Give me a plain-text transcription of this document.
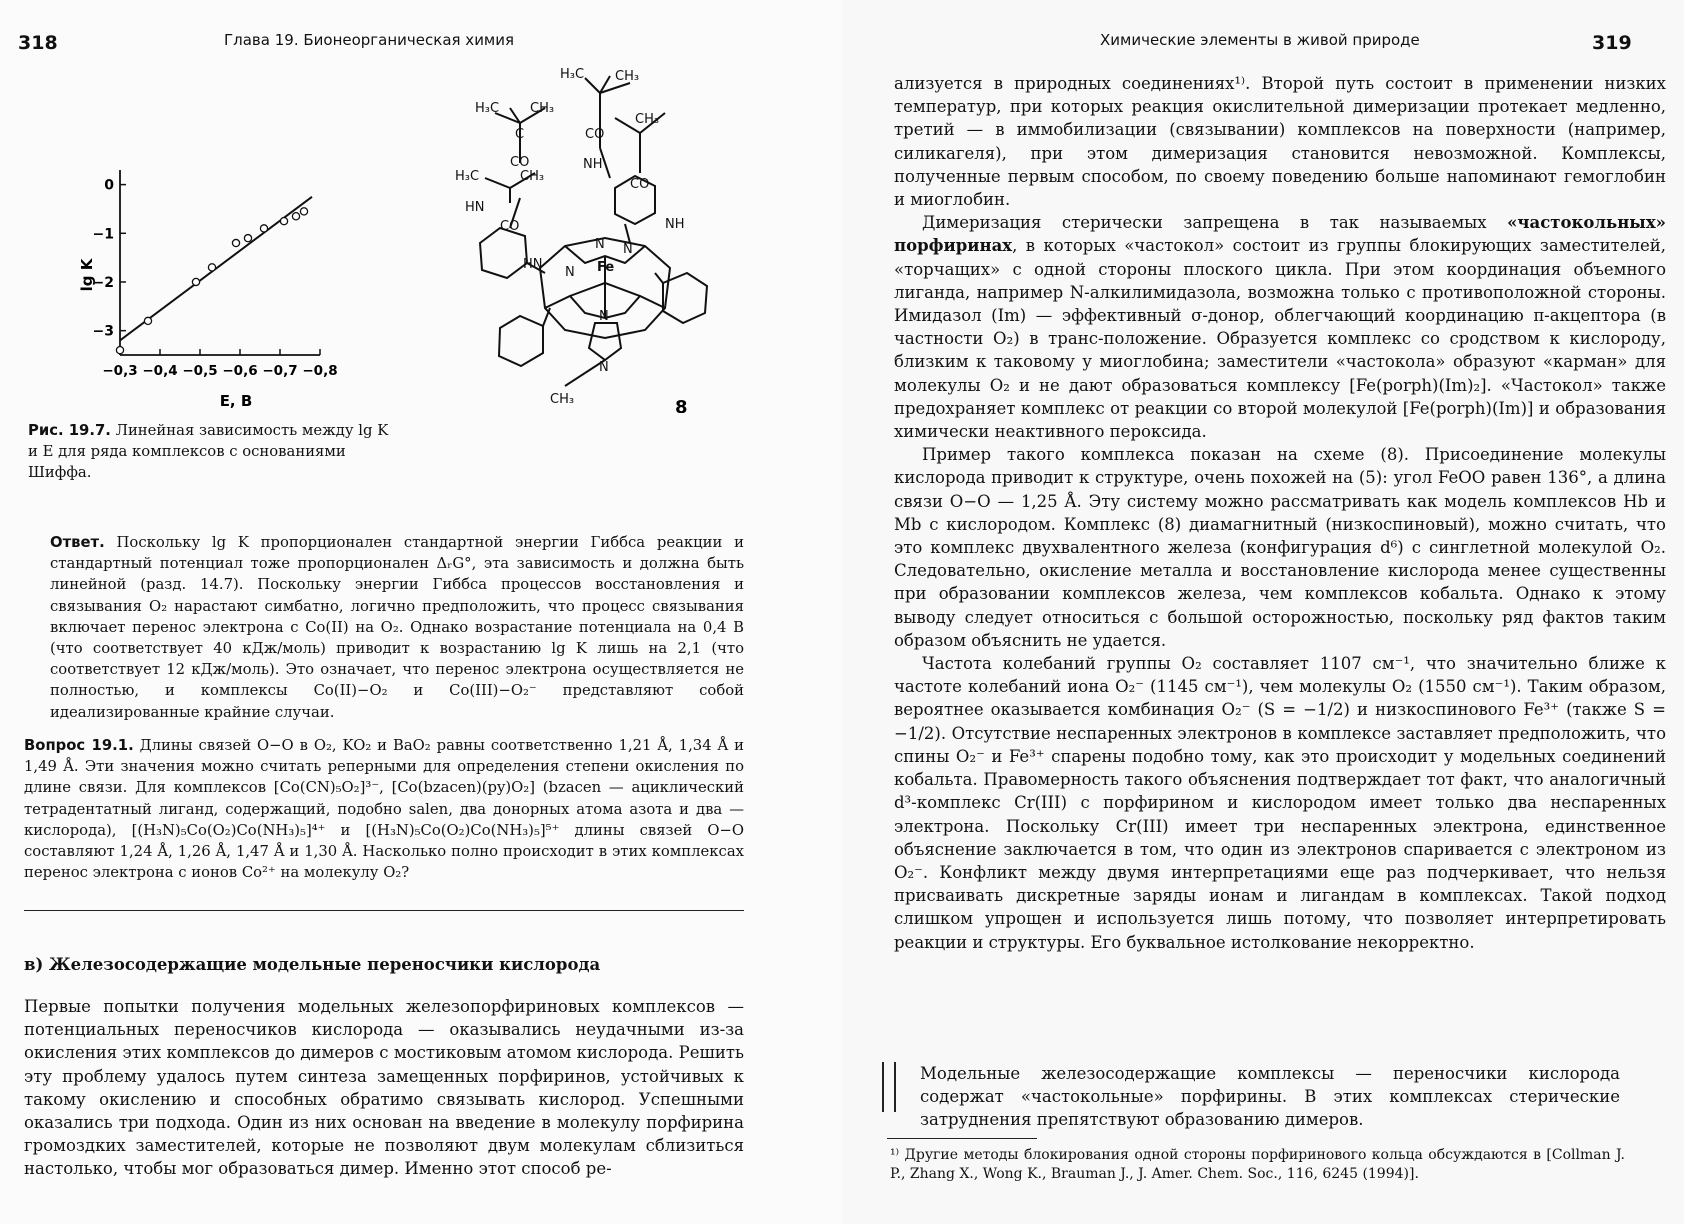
318	Глава 19. Бионеорганическая химия
lg K
E, B
0
−1
−2
−3
−0,3 −0,4 −0,5 −0,6 −0,7 −0,8
H₃C CH₃
C
CO
H₃C	CH₃
HN
CO
H₃C CH₃
CO
NH
CH₃
CO
NH
N
N
N
Fe
HN
N
N
CH₃	8
Рис. 19.7. Линейная зависимость между lg K и E для ряда комплексов с основаниями Шиффа.
Ответ. Поскольку lg K пропорционален стандартной энергии Гиббса реакции и стандартный потенциал тоже пропорционален ΔᵣG°, эта зависимость и должна быть линейной (разд. 14.7). Поскольку энергии Гиббса процессов восстановления и связывания O₂ нарастают симбатно, логично предположить, что процесс связывания включает перенос электрона с Co(II) на O₂. Однако возрастание потенциала на 0,4 В (что соответствует 40 кДж/моль) приводит к возрастанию lg K лишь на 2,1 (что соответствует 12 кДж/моль). Это означает, что перенос электрона осуществляется не полностью, и комплексы Co(II)−O₂ и Co(III)−O₂⁻ представляют собой идеализированные крайние случаи.
Вопрос 19.1. Длины связей O−O в O₂, KO₂ и BaO₂ равны соответственно 1,21 Å, 1,34 Å и 1,49 Å. Эти значения можно считать реперными для определения степени окисления по длине связи. Для комплексов [Co(CN)₅O₂]³⁻, [Co(bzacen)(py)O₂] (bzacen — ациклический тетрадентатный лиганд, содержащий, подобно salen, два донорных атома азота и два — кислорода), [(H₃N)₅Co(O₂)Co(NH₃)₅]⁴⁺ и [(H₃N)₅Co(O₂)Co(NH₃)₅]⁵⁺ длины связей O−O составляют 1,24 Å, 1,26 Å, 1,47 Å и 1,30 Å. Насколько полно происходит в этих комплексах перенос электрона с ионов Co²⁺ на молекулу O₂?
в) Железосодержащие модельные переносчики кислорода
Первые попытки получения модельных железопорфириновых комплексов — потенциальных переносчиков кислорода — оказывались неудачными из-за окисления этих комплексов до димеров с мостиковым атомом кислорода. Решить эту проблему удалось путем синтеза замещенных порфиринов, устойчивых к такому окислению и способных обратимо связывать кислород. Успешными оказались три подхода. Один из них основан на введение в молекулу порфирина громоздких заместителей, которые не позволяют двум молекулам сблизиться настолько, чтобы мог образоваться димер. Именно этот способ ре-
Химические элементы в живой природе	319
ализуется в природных соединениях¹⁾. Второй путь состоит в применении низких температур, при которых реакция окислительной димеризации протекает медленно, третий — в иммобилизации (связывании) комплексов на поверхности (например, силикагеля), при этом димеризация становится невозможной. Комплексы, полученные первым способом, по своему поведению больше напоминают гемоглобин и миоглобин.
Димеризация стерически запрещена в так называемых «частокольных» порфиринах, в которых «частокол» состоит из группы блокирующих заместителей, «торчащих» с одной стороны плоского цикла. При этом координация объемного лиганда, например N-алкилимидазола, возможна только с противоположной стороны. Имидазол (Im) — эффективный σ-донор, облегчающий координацию π-акцептора (в частности O₂) в транс-положение. Образуется комплекс со сродством к кислороду, близким к таковому у миоглобина; заместители «частокола» образуют «карман» для молекулы O₂ и не дают образоваться комплексу [Fe(porph)(Im)₂]. «Частокол» также предохраняет комплекс от реакции со второй молекулой [Fe(porph)(Im)] и образования химически неактивного пероксида.
Пример такого комплекса показан на схеме (8). Присоединение молекулы кислорода приводит к структуре, очень похожей на (5): угол FeOO равен 136°, а длина связи O−O — 1,25 Å. Эту систему можно рассматривать как модель комплексов Hb и Mb с кислородом. Комплекс (8) диамагнитный (низкоспиновый), можно считать, что это комплекс двухвалентного железа (конфигурация d⁶) с синглетной молекулой O₂. Следовательно, окисление металла и восстановление кислорода менее существенны при образовании комплексов железа, чем комплексов кобальта. Однако к этому выводу следует относиться с большой осторожностью, поскольку ряд фактов таким образом объяснить не удается.
Частота колебаний группы O₂ составляет 1107 см⁻¹, что значительно ближе к частоте колебаний иона O₂⁻ (1145 см⁻¹), чем молекулы O₂ (1550 см⁻¹). Таким образом, вероятнее оказывается комбинация O₂⁻ (S = −1/2) и низкоспинового Fe³⁺ (также S = −1/2). Отсутствие неспаренных электронов в комплексе заставляет предположить, что спины O₂⁻ и Fe³⁺ спарены подобно тому, как это происходит у модельных соединений кобальта. Правомерность такого объяснения подтверждает тот факт, что аналогичный d³-комплекс Cr(III) с порфирином и кислородом имеет только два неспаренных электрона. Поскольку Cr(III) имеет три неспаренных электрона, единственное объяснение заключается в том, что один из электронов спаривается с электроном из O₂⁻. Конфликт между двумя интерпретациями еще раз подчеркивает, что нельзя присваивать дискретные заряды ионам и лигандам в комплексах. Такой подход слишком упрощен и используется лишь потому, что позволяет интерпретировать реакции и структуры. Его буквальное истолкование некорректно.
Модельные железосодержащие комплексы — переносчики кислорода содержат «частокольные» порфирины. В этих комплексах стерические затруднения препятствуют образованию димеров.
¹⁾ Другие методы блокирования одной стороны порфиринового кольца обсуждаются в [Collman J. P., Zhang X., Wong K., Brauman J., J. Amer. Chem. Soc., 116, 6245 (1994)].
